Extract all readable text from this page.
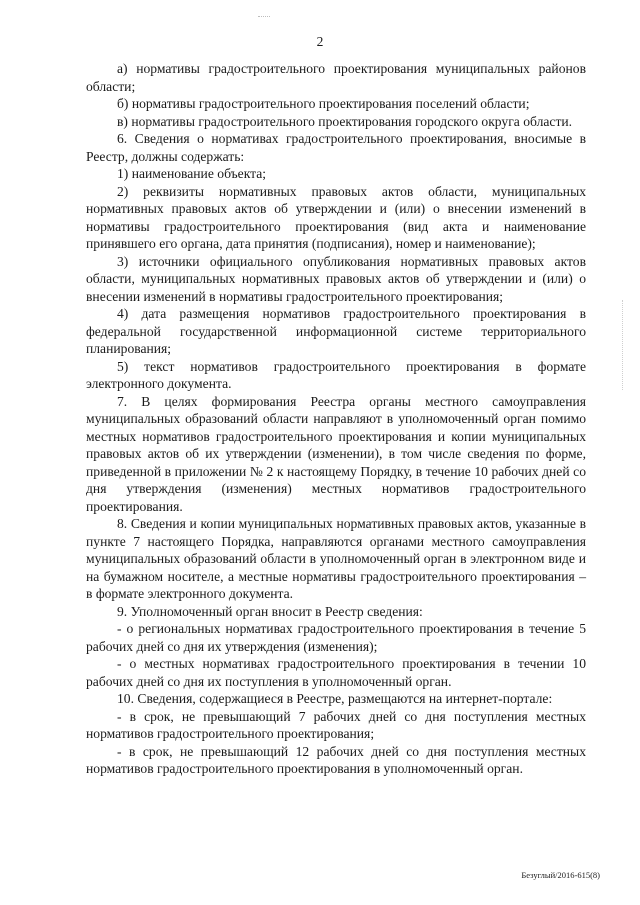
2

а) нормативы градостроительного проектирования муниципальных районов области;

б) нормативы градостроительного проектирования поселений области;

в) нормативы градостроительного проектирования городского округа области.

6. Сведения о нормативах градостроительного проектирования, вносимые в Реестр, должны содержать:

1) наименование объекта;

2) реквизиты нормативных правовых актов области, муниципальных нормативных правовых актов об утверждении и (или) о внесении изменений в нормативы градостроительного проектирования (вид акта и наименование принявшего его органа, дата принятия (подписания), номер и наименование);

3) источники официального опубликования нормативных правовых актов области, муниципальных нормативных правовых актов об утверждении и (или) о внесении изменений в нормативы градостроительного проектирования;

4) дата размещения нормативов градостроительного проектирования в федеральной государственной информационной системе территориального планирования;

5) текст нормативов градостроительного проектирования в формате электронного документа.

7. В целях формирования Реестра органы местного самоуправления муниципальных образований области направляют в уполномоченный орган помимо местных нормативов градостроительного проектирования и копии муниципальных правовых актов об их утверждении (изменении), в том числе сведения по форме, приведенной в приложении № 2 к настоящему Порядку, в течение 10 рабочих дней со дня утверждения (изменения) местных нормативов градостроительного проектирования.

8. Сведения и копии муниципальных нормативных правовых актов, указанные в пункте 7 настоящего Порядка, направляются органами местного самоуправления муниципальных образований области в уполномоченный орган в электронном виде и на бумажном носителе, а местные нормативы градостроительного проектирования – в формате электронного документа.

9. Уполномоченный орган вносит в Реестр сведения:

- о региональных нормативах градостроительного проектирования в течение 5 рабочих дней со дня их утверждения (изменения);

- о местных нормативах градостроительного проектирования в течении 10 рабочих дней со дня их поступления в уполномоченный орган.

10. Сведения, содержащиеся в Реестре, размещаются на интернет-портале:

- в срок, не превышающий 7 рабочих дней со дня поступления местных нормативов градостроительного проектирования;

- в срок, не превышающий 12 рабочих дней со дня поступления местных нормативов градостроительного проектирования в уполномоченный орган.

Безуглый/2016-615(8)
